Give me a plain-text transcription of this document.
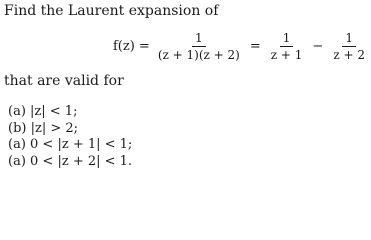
Find the Laurent expansion of
$f(z) = \frac{1}{(z + 1)(z + 2)} = \frac{1}{z + 1} - \frac{1}{z + 2}$
that are valid for
(a) |z| < 1;
(b) |z| > 2;
(a) 0 < |z + 1| < 1;
(a) 0 < |z + 2| < 1.
